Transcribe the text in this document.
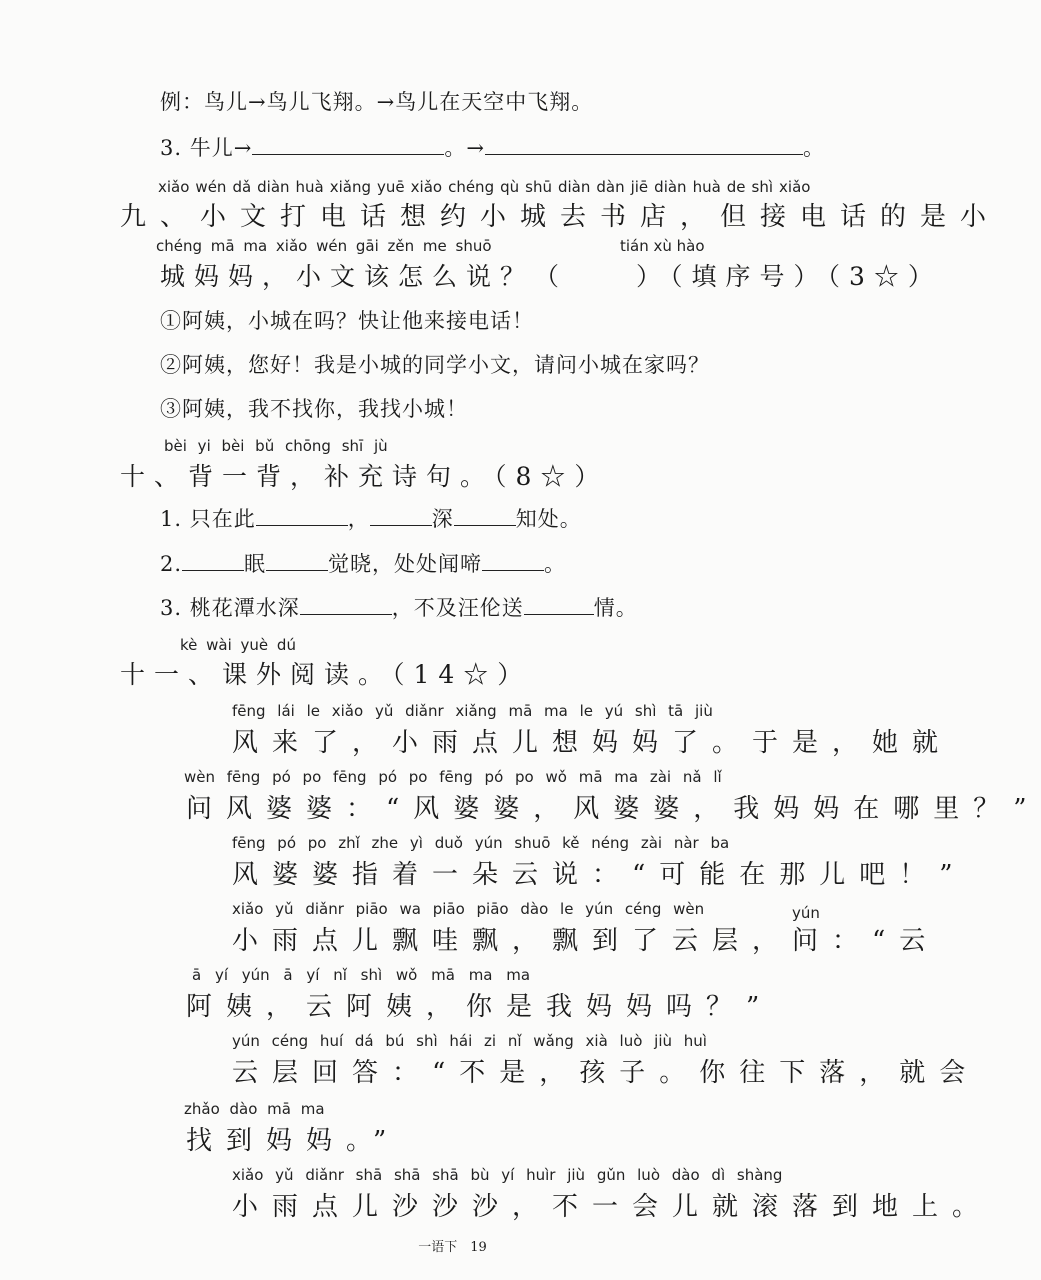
例：鸟儿→鸟儿飞翔。→鸟儿在天空中飞翔。
3. 牛儿→	。→	。
xiǎo wén dǎ diàn huà xiǎng yuē xiǎo chéng qù shū diàn dàn jiē diàn huà de shì xiǎo
九、小文打电话想约小城去书店，但接电话的是小
chéng mā ma xiǎo wén gāi zěn me shuō	tián xù hào
城妈妈，小文该怎么说？（　　）（填序号）（3☆）
①阿姨，小城在吗？快让他来接电话！
②阿姨，您好！我是小城的同学小文，请问小城在家吗？
③阿姨，我不找你，我找小城！
bèi yi bèi bǔ chōng shī jù
十、背一背，补充诗句。（8☆）
1. 只在此	，	深	知处。
2.	眠	觉晓，处处闻啼	。
3. 桃花潭水深	，不及汪伦送	情。
kè wài yuè dú
十一、课外阅读。（14☆）
fēng lái le xiǎo yǔ diǎnr xiǎng mā ma le yú shì tā jiù
风来了，小雨点儿想妈妈了。于是，她就
wèn fēng pó po fēng pó po fēng pó po wǒ mā ma zài nǎ lǐ
问风婆婆：“风婆婆，风婆婆，我妈妈在哪里？”
fēng pó po zhǐ zhe yì duǒ yún shuō kě néng zài nàr ba
风婆婆指着一朵云说：“可能在那儿吧！”
xiǎo yǔ diǎnr piāo wa piāo piāo dào le yún céng wèn	yún
小雨点儿飘哇飘，飘到了云层，问：“云
ā yí yún ā yí nǐ shì wǒ mā ma ma
阿姨，云阿姨，你是我妈妈吗？”
yún céng huí dá bú shì hái zi nǐ wǎng xià luò jiù huì
云层回答：“不是，孩子。你往下落，就会
zhǎo dào mā ma
找到妈妈。”
xiǎo yǔ diǎnr shā shā shā bù yí huìr jiù gǔn luò dào dì shàng
小雨点儿沙沙沙，不一会儿就滚落到地上。
一语下　19
